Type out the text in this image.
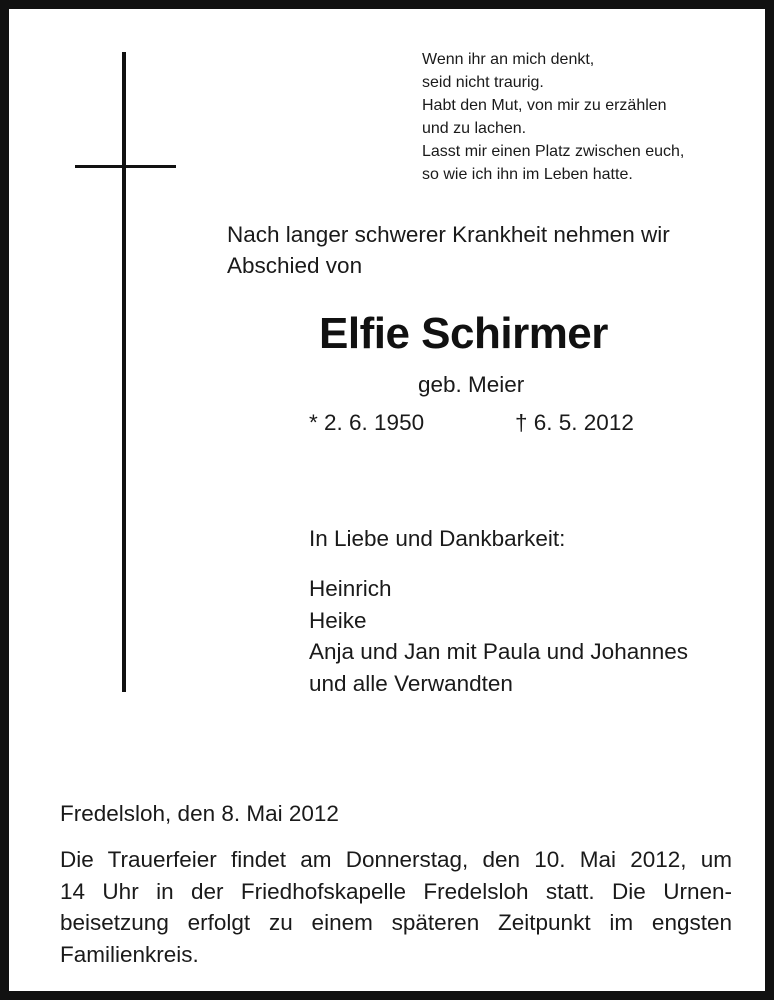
Wenn ihr an mich denkt,
seid nicht traurig.
Habt den Mut, von mir zu erzählen
und zu lachen.
Lasst mir einen Platz zwischen euch,
so wie ich ihn im Leben hatte.
Nach langer schwerer Krankheit nehmen wir
Abschied von
Elfie Schirmer
geb. Meier
* 2. 6. 1950	† 6. 5. 2012
In Liebe und Dankbarkeit:
Heinrich
Heike
Anja und Jan mit Paula und Johannes
und alle Verwandten
Fredelsloh, den 8. Mai 2012
Die Trauerfeier findet am Donnerstag, den 10. Mai 2012, um
14 Uhr in der Friedhofskapelle Fredelsloh statt. Die Urnen-
beisetzung erfolgt zu einem späteren Zeitpunkt im engsten
Familienkreis.
